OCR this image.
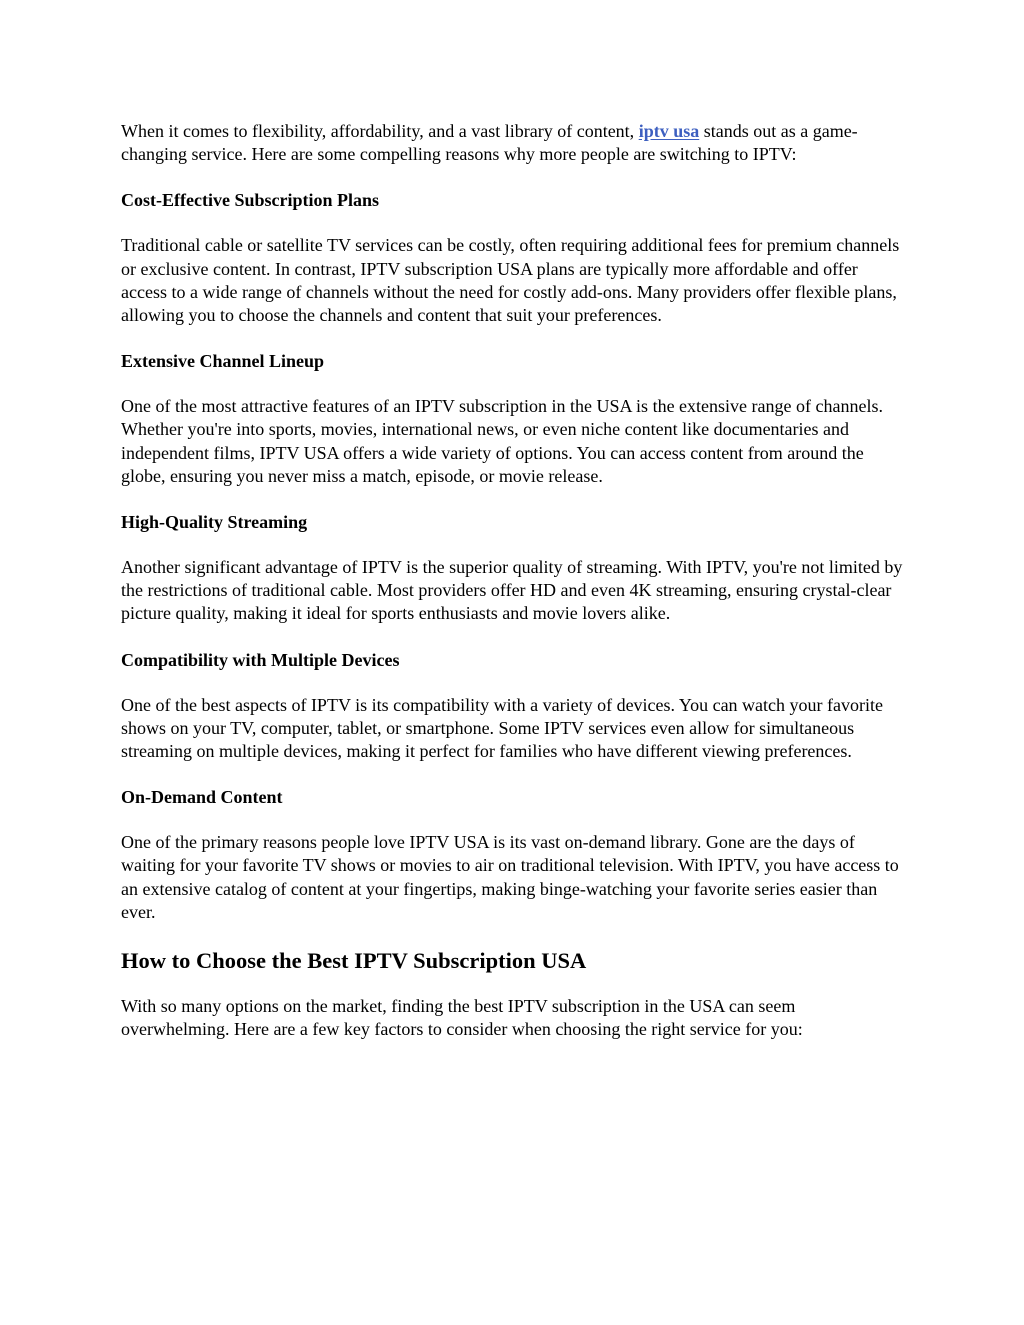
When it comes to flexibility, affordability, and a vast library of content, iptv usa stands out as a game-changing service. Here are some compelling reasons why more people are switching to IPTV:

Cost-Effective Subscription Plans

Traditional cable or satellite TV services can be costly, often requiring additional fees for premium channels or exclusive content. In contrast, IPTV subscription USA plans are typically more affordable and offer access to a wide range of channels without the need for costly add-ons. Many providers offer flexible plans, allowing you to choose the channels and content that suit your preferences.

Extensive Channel Lineup

One of the most attractive features of an IPTV subscription in the USA is the extensive range of channels. Whether you're into sports, movies, international news, or even niche content like documentaries and independent films, IPTV USA offers a wide variety of options. You can access content from around the globe, ensuring you never miss a match, episode, or movie release.

High-Quality Streaming

Another significant advantage of IPTV is the superior quality of streaming. With IPTV, you're not limited by the restrictions of traditional cable. Most providers offer HD and even 4K streaming, ensuring crystal-clear picture quality, making it ideal for sports enthusiasts and movie lovers alike.

Compatibility with Multiple Devices

One of the best aspects of IPTV is its compatibility with a variety of devices. You can watch your favorite shows on your TV, computer, tablet, or smartphone. Some IPTV services even allow for simultaneous streaming on multiple devices, making it perfect for families who have different viewing preferences.

On-Demand Content

One of the primary reasons people love IPTV USA is its vast on-demand library. Gone are the days of waiting for your favorite TV shows or movies to air on traditional television. With IPTV, you have access to an extensive catalog of content at your fingertips, making binge-watching your favorite series easier than ever.

How to Choose the Best IPTV Subscription USA

With so many options on the market, finding the best IPTV subscription in the USA can seem overwhelming. Here are a few key factors to consider when choosing the right service for you:
